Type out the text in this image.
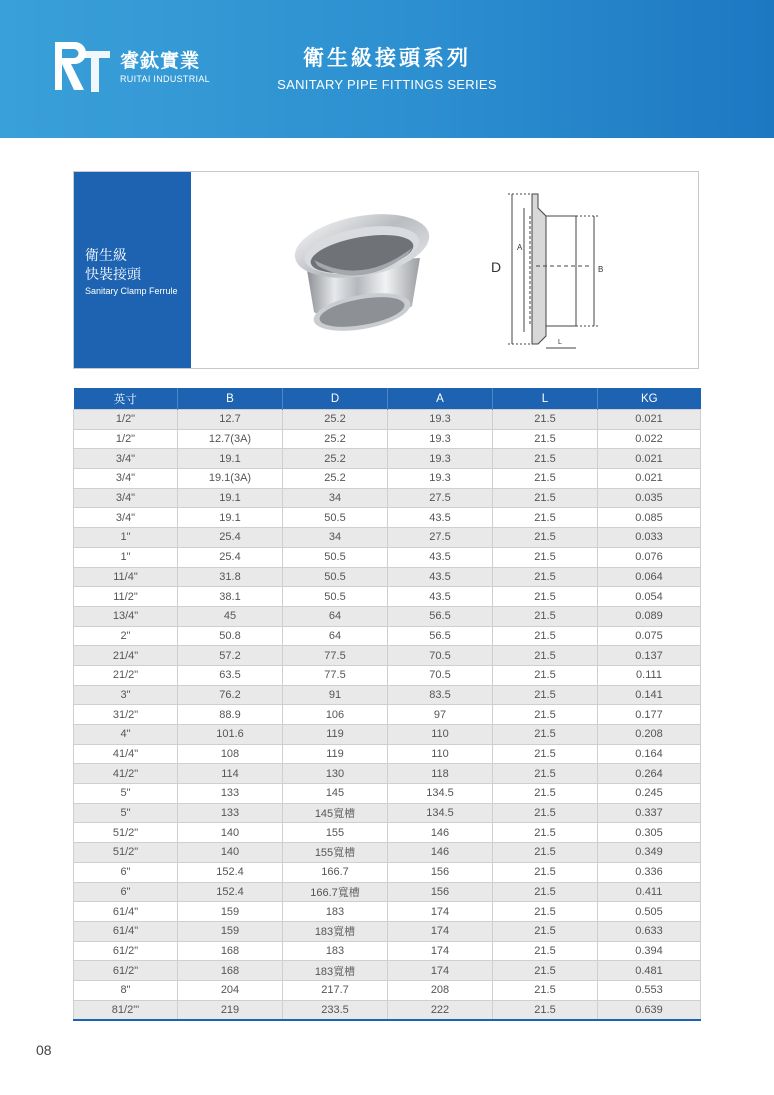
睿鈦實業
RUITAI INDUSTRIAL
衛生級接頭系列
SANITARY PIPE FITTINGS SERIES
衛生級
快裝接頭
Sanitary Clamp Ferrule
D
A
B
L
英寸	B	D	A	L	KG
1/2"	12.7	25.2	19.3	21.5	0.021
1/2"	12.7(3A)	25.2	19.3	21.5	0.022
3/4"	19.1	25.2	19.3	21.5	0.021
3/4"	19.1(3A)	25.2	19.3	21.5	0.021
3/4"	19.1	34	27.5	21.5	0.035
3/4"	19.1	50.5	43.5	21.5	0.085
1"	25.4	34	27.5	21.5	0.033
1"	25.4	50.5	43.5	21.5	0.076
11/4"	31.8	50.5	43.5	21.5	0.064
11/2"	38.1	50.5	43.5	21.5	0.054
13/4"	45	64	56.5	21.5	0.089
2"	50.8	64	56.5	21.5	0.075
21/4"	57.2	77.5	70.5	21.5	0.137
21/2"	63.5	77.5	70.5	21.5	0.111
3"	76.2	91	83.5	21.5	0.141
31/2"	88.9	106	97	21.5	0.177
4"	101.6	119	110	21.5	0.208
41/4"	108	119	110	21.5	0.164
41/2"	114	130	118	21.5	0.264
5"	133	145	134.5	21.5	0.245
5"	133	145寬槽	134.5	21.5	0.337
51/2"	140	155	146	21.5	0.305
51/2"	140	155寬槽	146	21.5	0.349
6"	152.4	166.7	156	21.5	0.336
6"	152.4	166.7寬槽	156	21.5	0.411
61/4"	159	183	174	21.5	0.505
61/4"	159	183寬槽	174	21.5	0.633
61/2"	168	183	174	21.5	0.394
61/2"	168	183寬槽	174	21.5	0.481
8"	204	217.7	208	21.5	0.553
81/2"'	219	233.5	222	21.5	0.639
08
